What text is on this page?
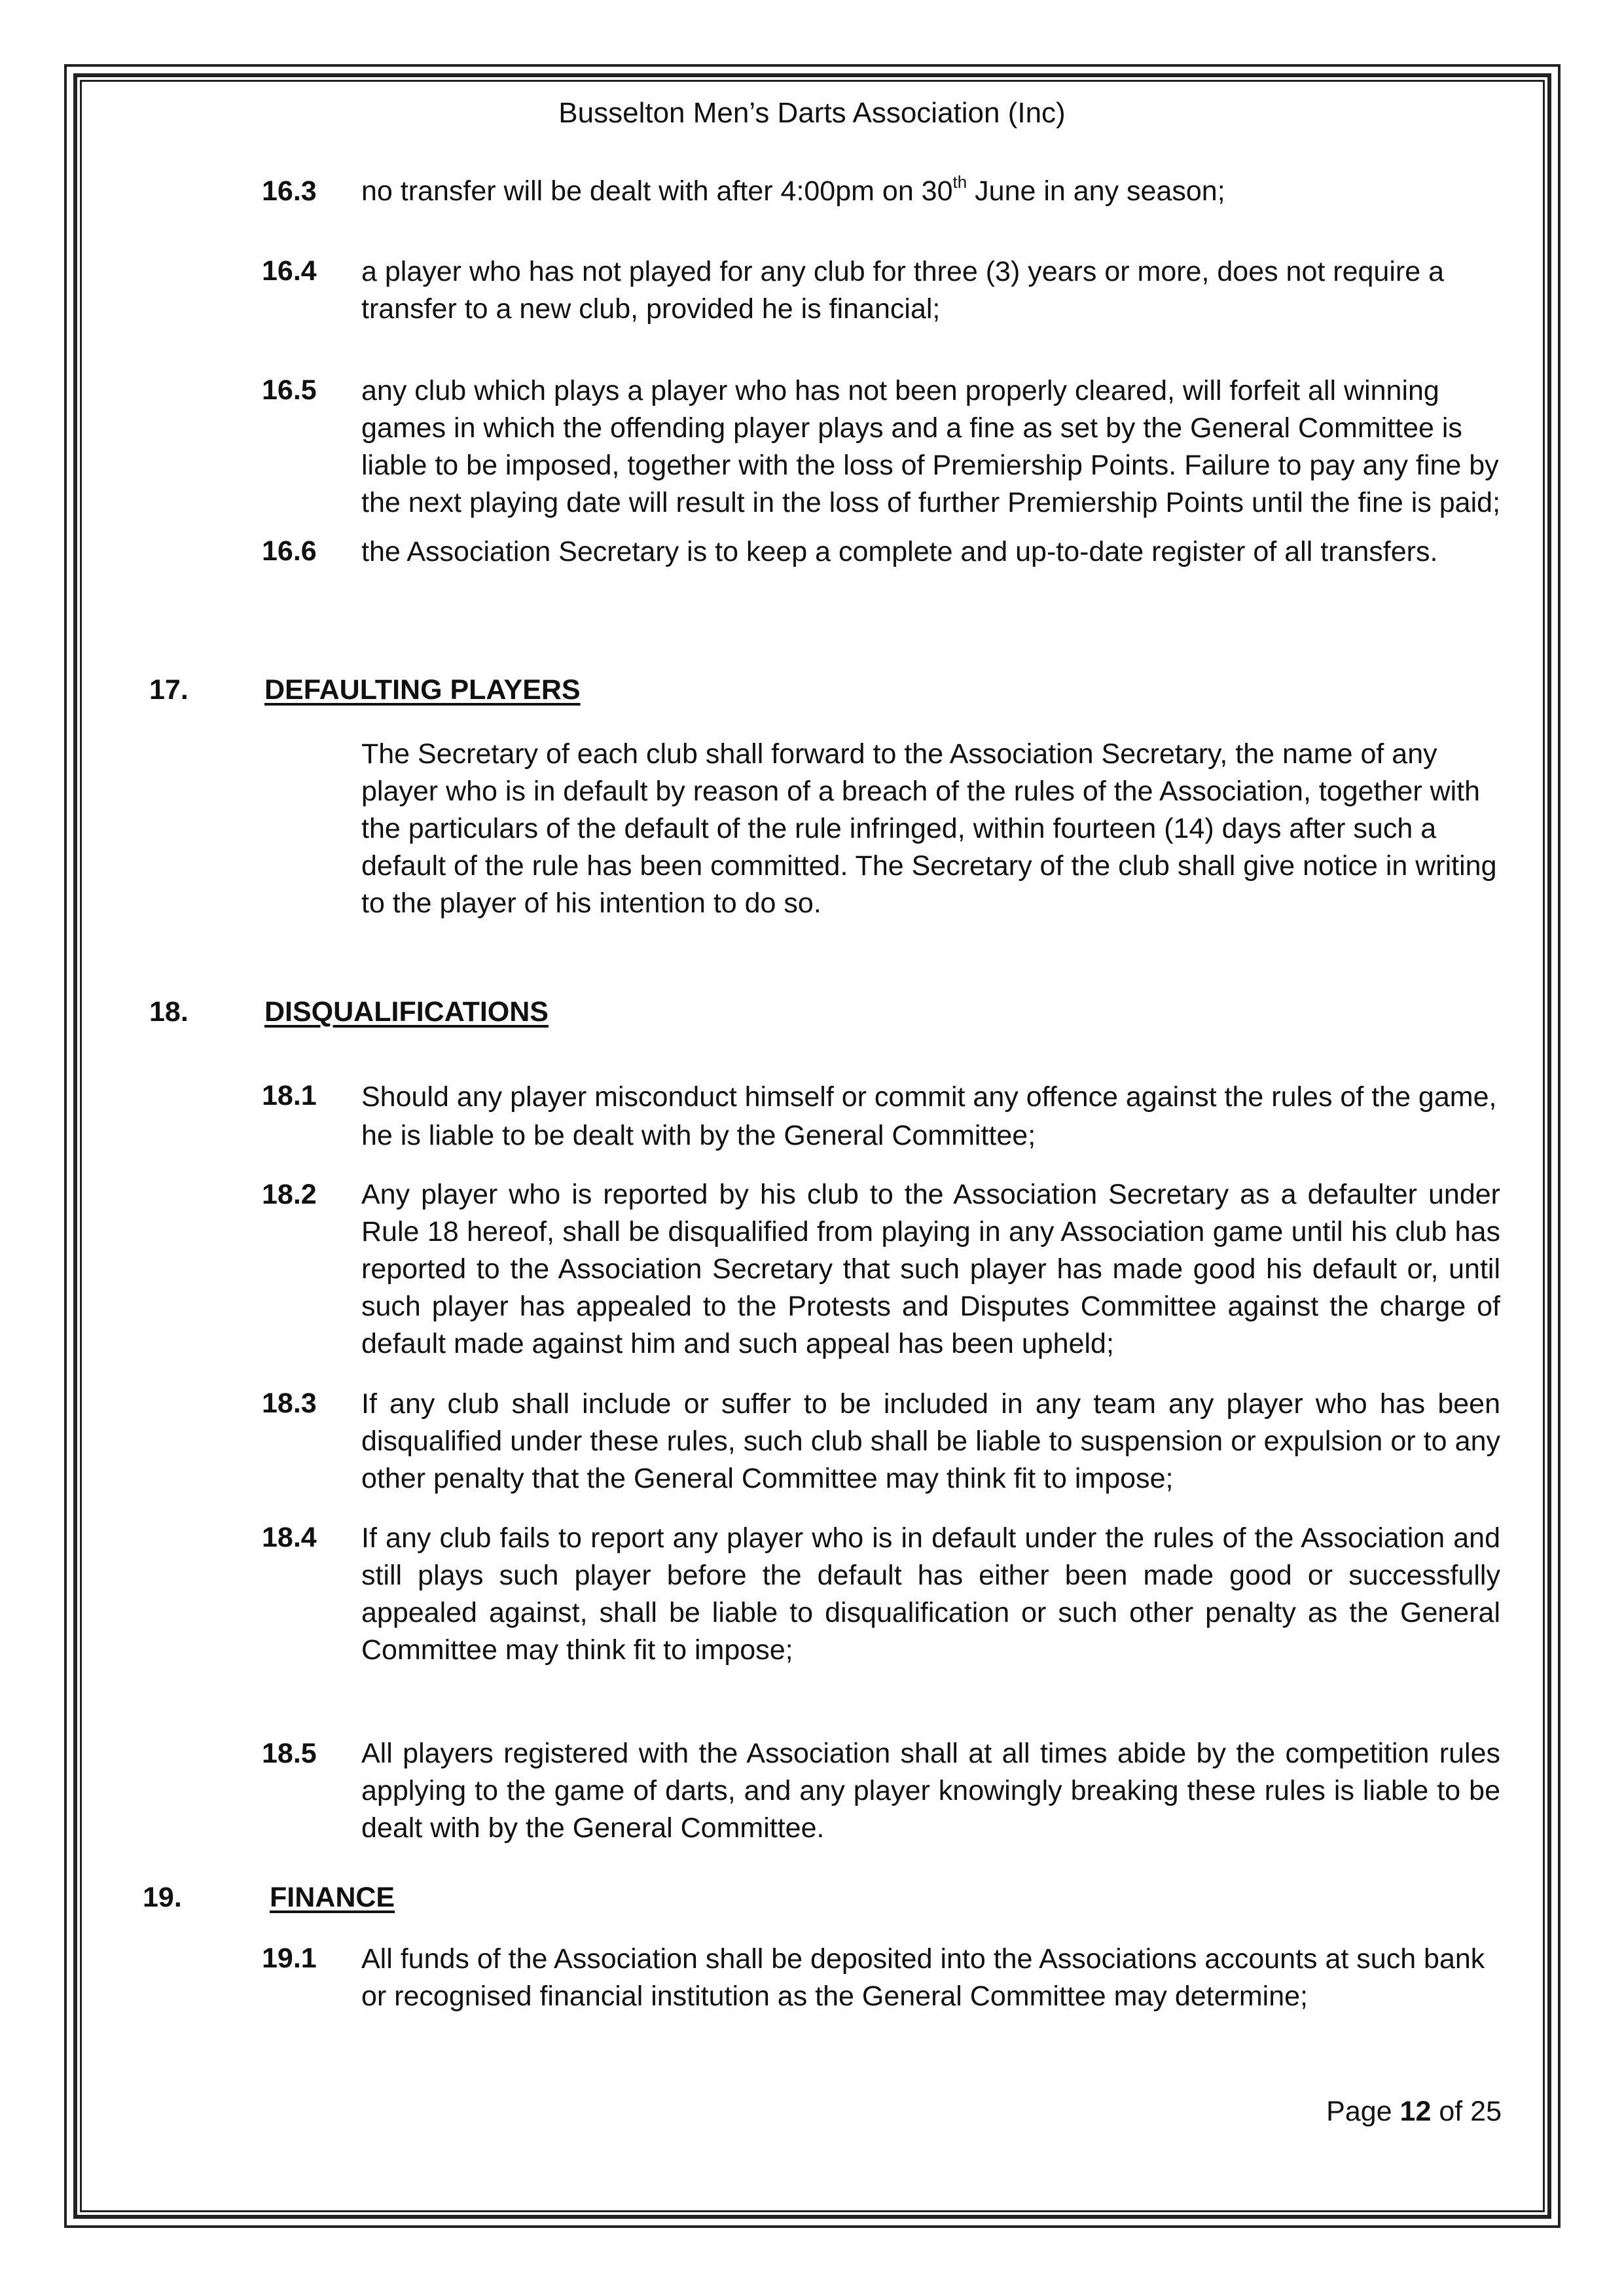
Busselton Men’s Darts Association (Inc)
16.3 no transfer will be dealt with after 4:00pm on 30th June in any season;
16.4 a player who has not played for any club for three (3) years or more, does not require a transfer to a new club, provided he is financial;
16.5 any club which plays a player who has not been properly cleared, will forfeit all winning games in which the offending player plays and a fine as set by the General Committee is liable to be imposed, together with the loss of Premiership Points. Failure to pay any fine by the next playing date will result in the loss of further Premiership Points until the fine is paid;
16.6 the Association Secretary is to keep a complete and up-to-date register of all transfers.
17.	DEFAULTING PLAYERS
The Secretary of each club shall forward to the Association Secretary, the name of any player who is in default by reason of a breach of the rules of the Association, together with the particulars of the default of the rule infringed, within fourteen (14) days after such a default of the rule has been committed. The Secretary of the club shall give notice in writing to the player of his intention to do so.
18.	DISQUALIFICATIONS
18.1 Should any player misconduct himself or commit any offence against the rules of the game, he is liable to be dealt with by the General Committee;
18.2 Any player who is reported by his club to the Association Secretary as a defaulter under Rule 18 hereof, shall be disqualified from playing in any Association game until his club has reported to the Association Secretary that such player has made good his default or, until such player has appealed to the Protests and Disputes Committee against the charge of default made against him and such appeal has been upheld;
18.3 If any club shall include or suffer to be included in any team any player who has been disqualified under these rules, such club shall be liable to suspension or expulsion or to any other penalty that the General Committee may think fit to impose;
18.4 If any club fails to report any player who is in default under the rules of the Association and still plays such player before the default has either been made good or successfully appealed against, shall be liable to disqualification or such other penalty as the General Committee may think fit to impose;
18.5 All players registered with the Association shall at all times abide by the competition rules applying to the game of darts, and any player knowingly breaking these rules is liable to be dealt with by the General Committee.
19.	FINANCE
19.1 All funds of the Association shall be deposited into the Associations accounts at such bank or recognised financial institution as the General Committee may determine;
Page 12 of 25
